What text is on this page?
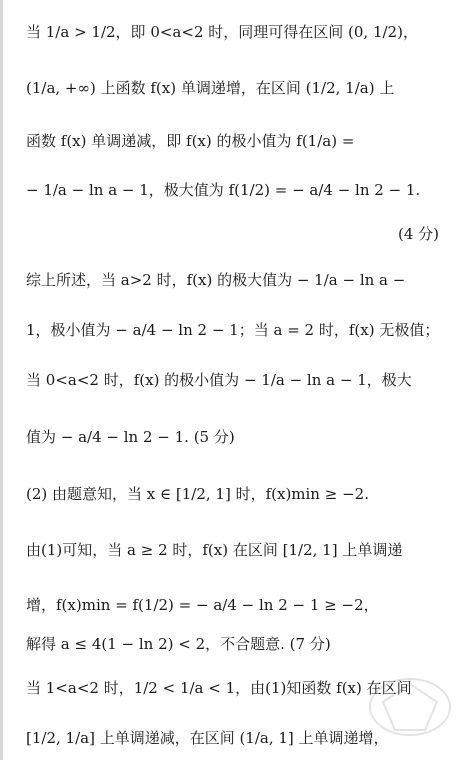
当 1/a > 1/2，即 0<a<2 时，同理可得在区间 (0, 1/2)，
(1/a, +∞) 上函数 f(x) 单调递增，在区间 (1/2, 1/a) 上
函数 f(x) 单调递减，即 f(x) 的极小值为 f(1/a) =
− 1/a − ln a − 1，极大值为 f(1/2) = − a/4 − ln 2 − 1.
(4 分)
综上所述，当 a>2 时，f(x) 的极大值为 − 1/a − ln a −
1，极小值为 − a/4 − ln 2 − 1；当 a = 2 时，f(x) 无极值；
当 0<a<2 时，f(x) 的极小值为 − 1/a − ln a − 1，极大
值为 − a/4 − ln 2 − 1. (5 分)
(2) 由题意知，当 x ∈ [1/2, 1] 时，f(x)min ≥ −2.
由(1)可知，当 a ≥ 2 时，f(x) 在区间 [1/2, 1] 上单调递
增，f(x)min = f(1/2) = − a/4 − ln 2 − 1 ≥ −2，
解得 a ≤ 4(1 − ln 2) < 2，不合题意. (7 分)
当 1<a<2 时，1/2 < 1/a < 1，由(1)知函数 f(x) 在区间
[1/2, 1/a] 上单调递减，在区间 (1/a, 1] 上单调递增，
